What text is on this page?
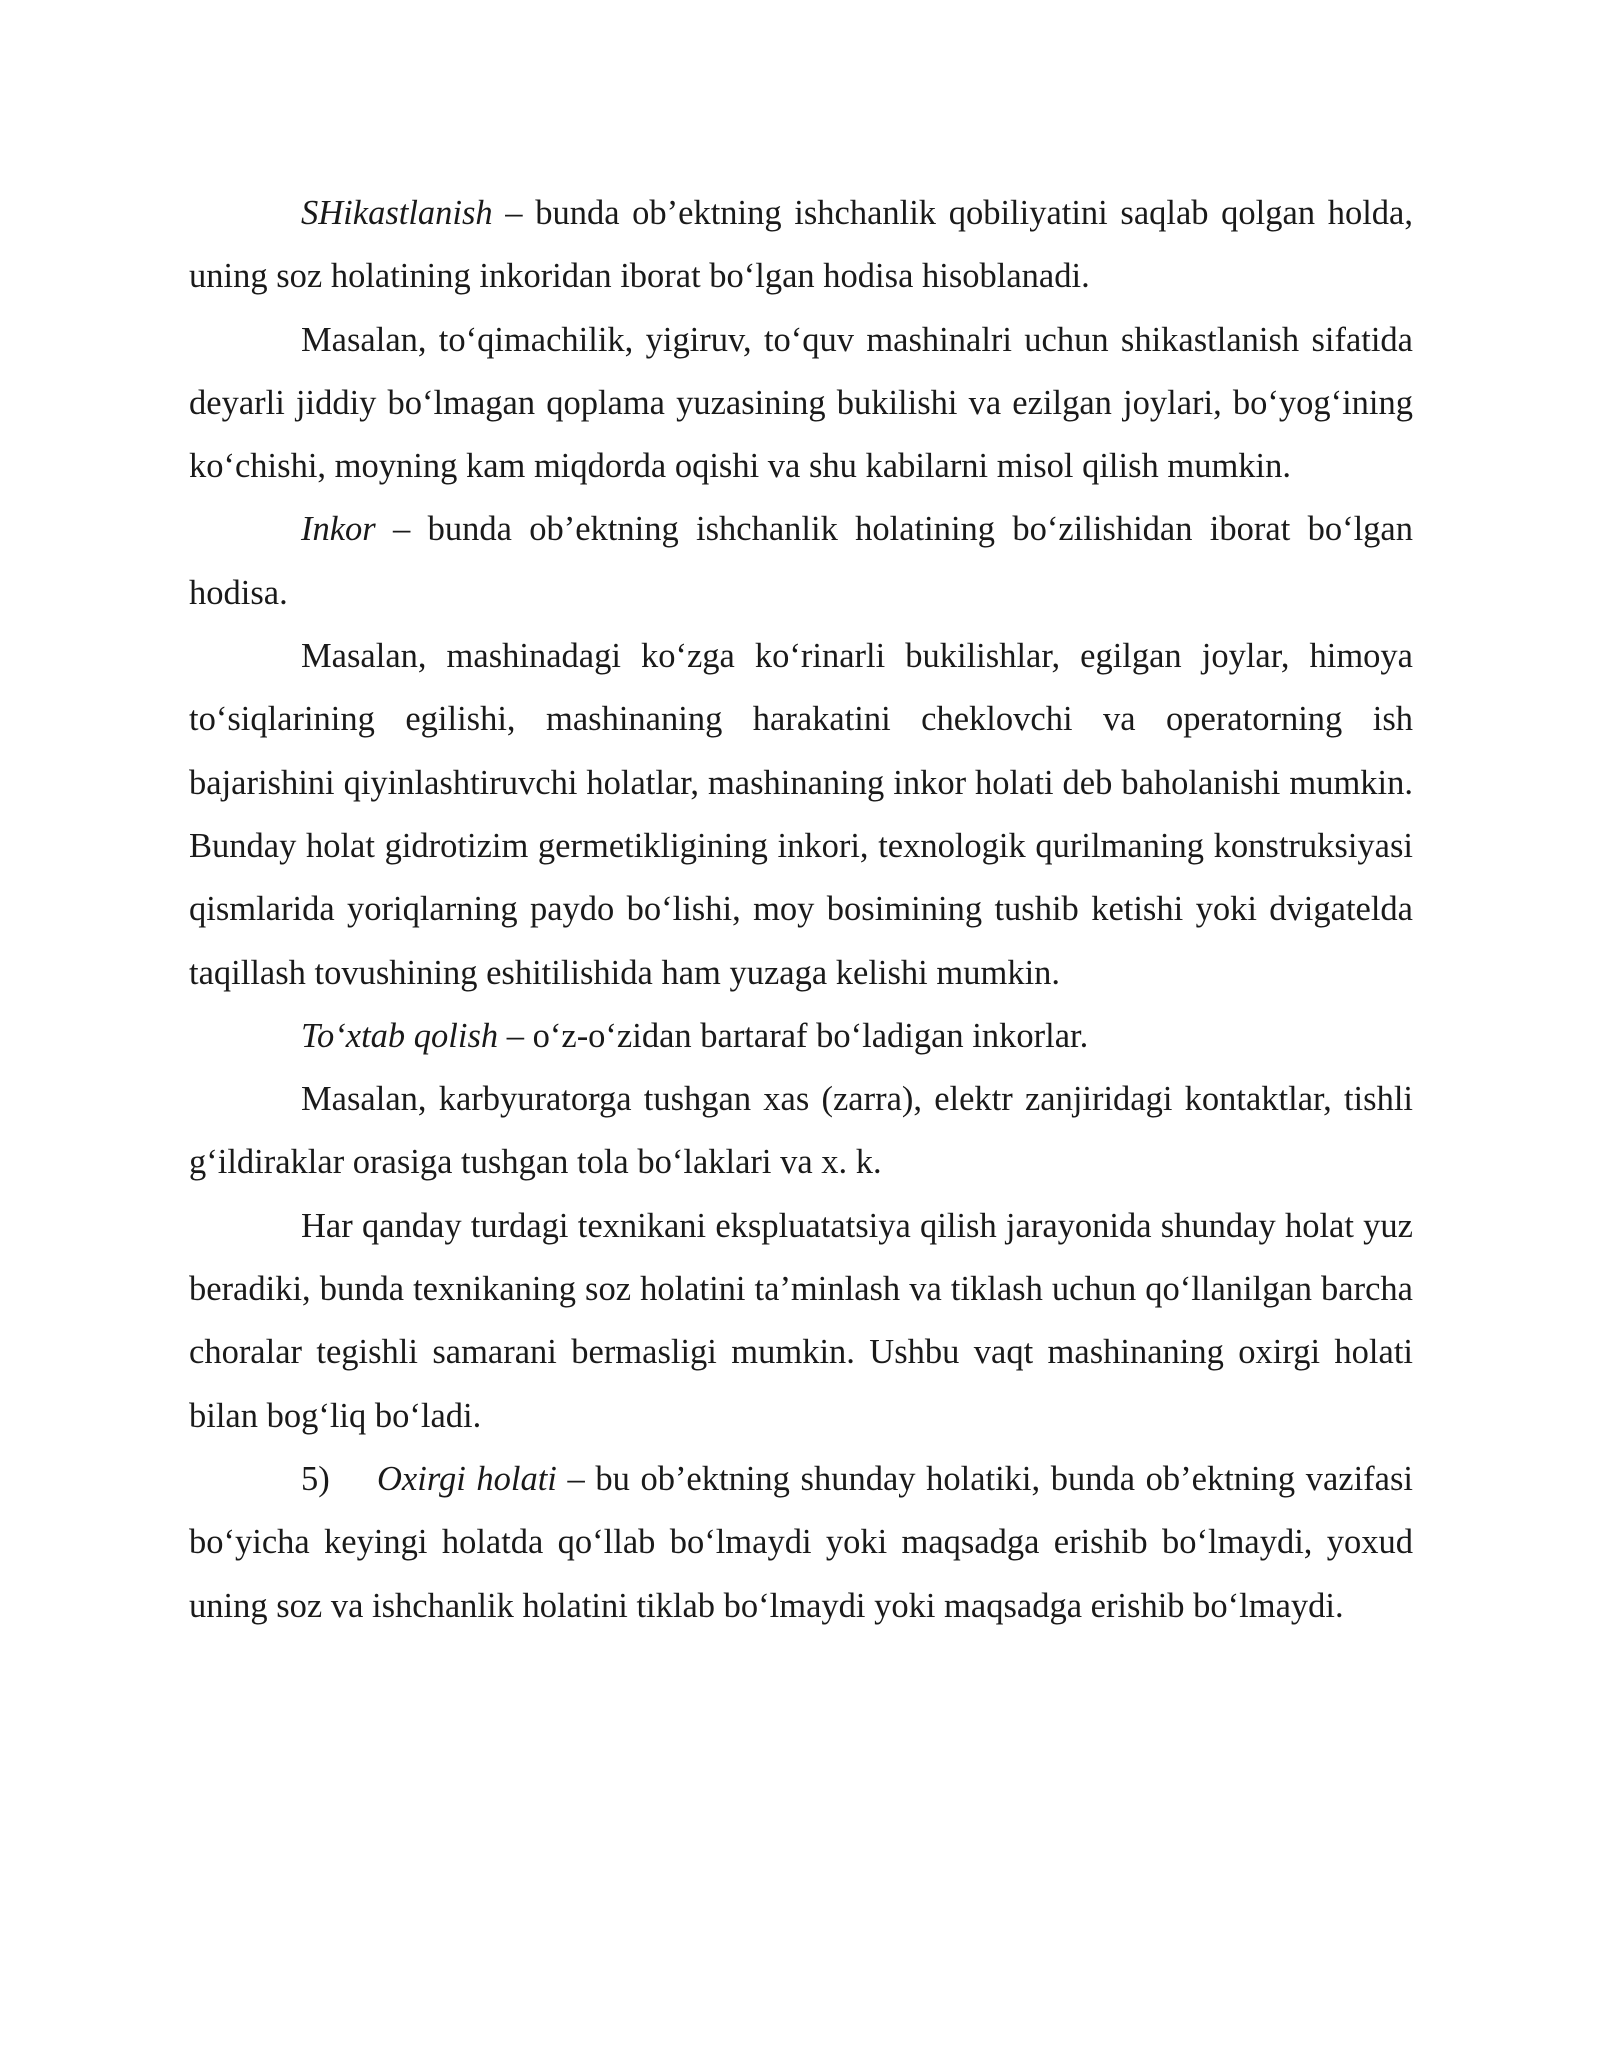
SHikastlanish – bunda ob’ektning ishchanlik qobiliyatini saqlab qolgan holda, uning soz holatining inkoridan iborat bo‘lgan hodisa hisoblanadi.

Masalan, to‘qimachilik, yigiruv, to‘quv mashinalri uchun shikastlanish sifatida deyarli jiddiy bo‘lmagan qoplama yuzasining bukilishi va ezilgan joylari, bo‘yog‘ining ko‘chishi, moyning kam miqdorda oqishi va shu kabilarni misol qilish mumkin.

Inkor – bunda ob’ektning ishchanlik holatining bo‘zilishidan iborat bo‘lgan hodisa.

Masalan, mashinadagi ko‘zga ko‘rinarli bukilishlar, egilgan joylar, himoya to‘siqlarining egilishi, mashinaning harakatini cheklovchi va operatorning ish bajarishini qiyinlashtiruvchi holatlar, mashinaning inkor holati deb baholanishi mumkin. Bunday holat gidrotizim germetikligining inkori, texnologik qurilmaning konstruksiyasi qismlarida yoriqlarning paydo bo‘lishi, moy bosimining tushib ketishi yoki dvigatelda taqillash tovushining eshitilishida ham yuzaga kelishi mumkin.

To‘xtab qolish – o‘z-o‘zidan bartaraf bo‘ladigan inkorlar.

Masalan, karbyuratorga tushgan xas (zarra), elektr zanjiridagi kontaktlar, tishli g‘ildiraklar orasiga tushgan tola bo‘laklari va x. k.

Har qanday turdagi texnikani ekspluatatsiya qilish jarayonida shunday holat yuz beradiki, bunda texnikaning soz holatini ta’minlash va tiklash uchun qo‘llanilgan barcha choralar tegishli samarani bermasligi mumkin. Ushbu vaqt mashinaning oxirgi holati bilan bog‘liq bo‘ladi.

5) Oxirgi holati – bu ob’ektning shunday holatiki, bunda ob’ektning vazifasi bo‘yicha keyingi holatda qo‘llab bo‘lmaydi yoki maqsadga erishib bo‘lmaydi, yoxud uning soz va ishchanlik holatini tiklab bo‘lmaydi yoki maqsadga erishib bo‘lmaydi.
